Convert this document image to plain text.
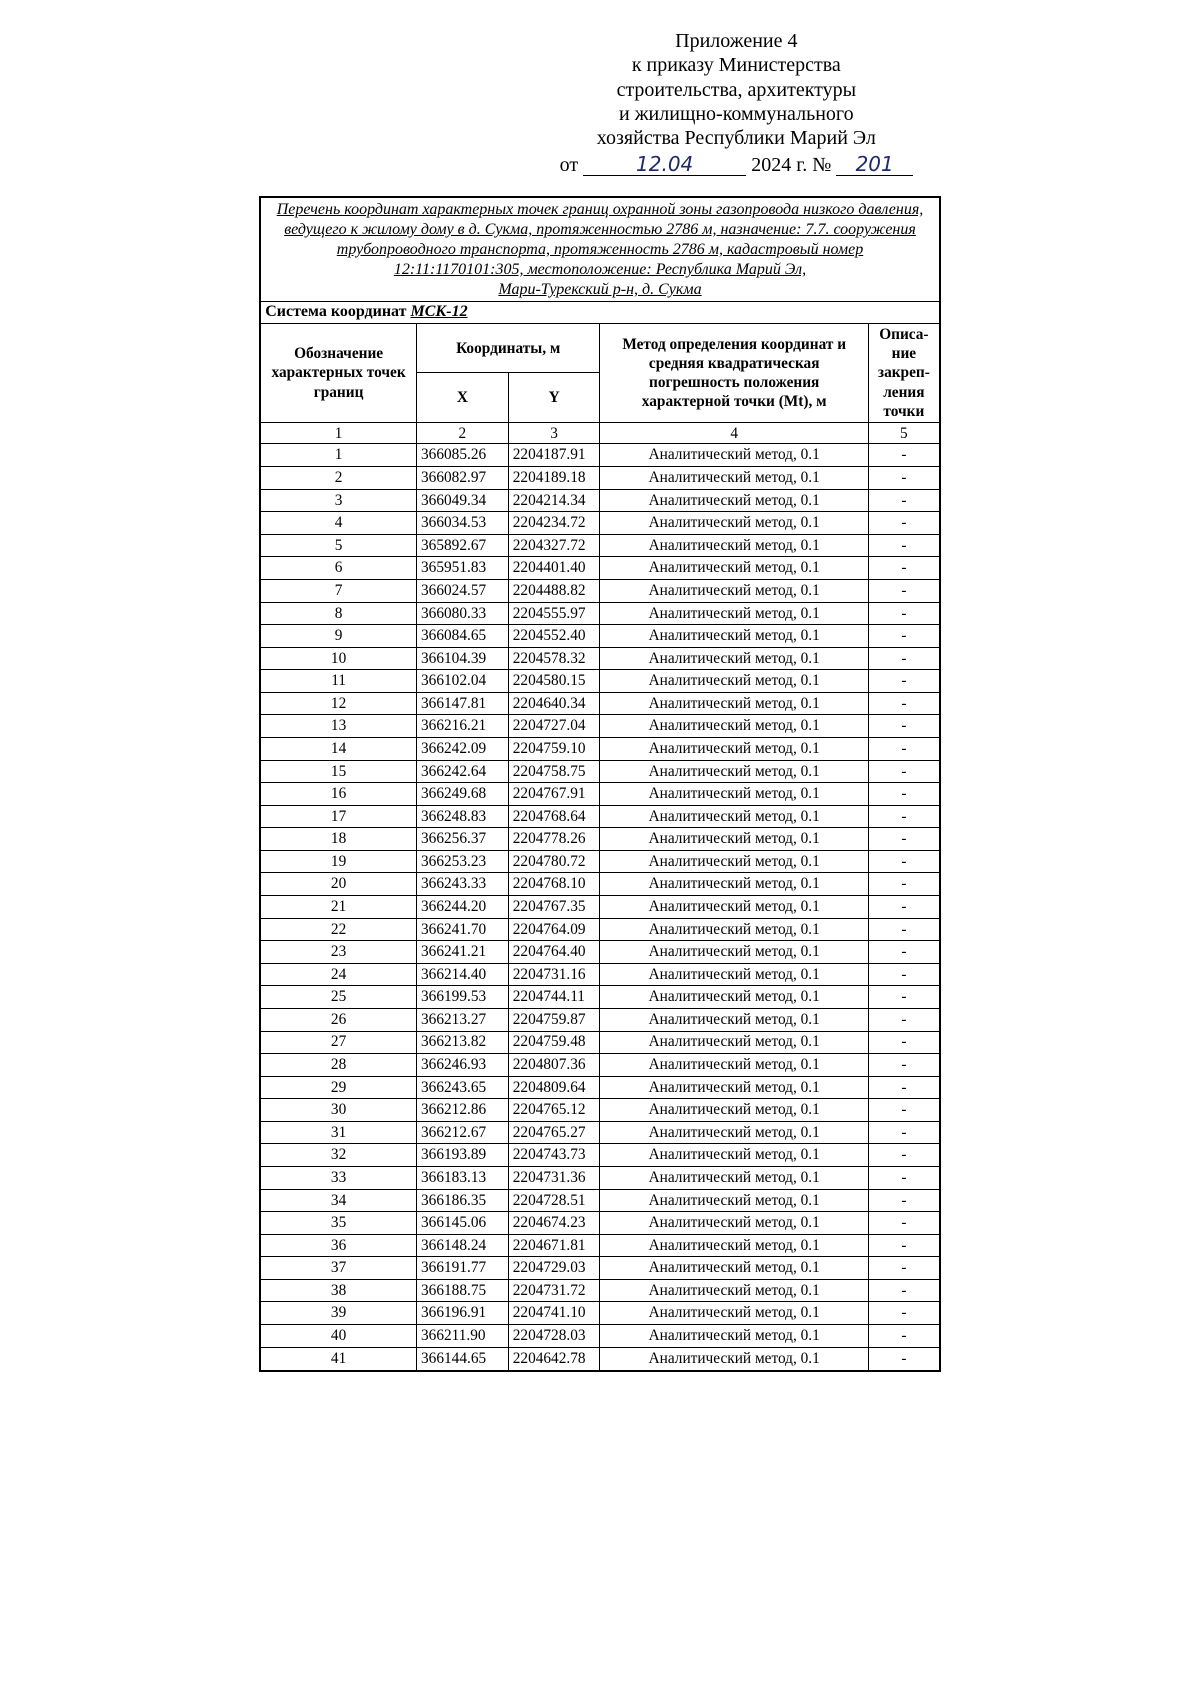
Приложение 4
к приказу Министерства
строительства, архитектуры
и жилищно-коммунального
хозяйства Республики Марий Эл
от	12.04	2024 г. № 201
Перечень координат характерных точек границ охранной зоны газопровода низкого давления,
ведущего к жилому дому в д. Сукма, протяженностью 2786 м, назначение: 7.7. сооружения
трубопроводного транспорта, протяженность 2786 м, кадастровый номер
12:11:1170101:305, местоположение: Республика Марий Эл,
Мари-Турекский р-н, д. Сукма				

Система координат МСК-12				
Обозначение характерных точек границ	Координаты, м		Метод определения координат и средняя квадратическая погрешность положения характерной точки (Mt), м	Описа-ние закреп-ления точки
	X	Y		
1	2	3	4	5
1	366085.26	2204187.91	Аналитический метод, 0.1	-
2	366082.97	2204189.18	Аналитический метод, 0.1	-
3	366049.34	2204214.34	Аналитический метод, 0.1	-
4	366034.53	2204234.72	Аналитический метод, 0.1	-
5	365892.67	2204327.72	Аналитический метод, 0.1	-
6	365951.83	2204401.40	Аналитический метод, 0.1	-
7	366024.57	2204488.82	Аналитический метод, 0.1	-
8	366080.33	2204555.97	Аналитический метод, 0.1	-
9	366084.65	2204552.40	Аналитический метод, 0.1	-
10	366104.39	2204578.32	Аналитический метод, 0.1	-
11	366102.04	2204580.15	Аналитический метод, 0.1	-
12	366147.81	2204640.34	Аналитический метод, 0.1	-
13	366216.21	2204727.04	Аналитический метод, 0.1	-
14	366242.09	2204759.10	Аналитический метод, 0.1	-
15	366242.64	2204758.75	Аналитический метод, 0.1	-
16	366249.68	2204767.91	Аналитический метод, 0.1	-
17	366248.83	2204768.64	Аналитический метод, 0.1	-
18	366256.37	2204778.26	Аналитический метод, 0.1	-
19	366253.23	2204780.72	Аналитический метод, 0.1	-
20	366243.33	2204768.10	Аналитический метод, 0.1	-
21	366244.20	2204767.35	Аналитический метод, 0.1	-
22	366241.70	2204764.09	Аналитический метод, 0.1	-
23	366241.21	2204764.40	Аналитический метод, 0.1	-
24	366214.40	2204731.16	Аналитический метод, 0.1	-
25	366199.53	2204744.11	Аналитический метод, 0.1	-
26	366213.27	2204759.87	Аналитический метод, 0.1	-
27	366213.82	2204759.48	Аналитический метод, 0.1	-
28	366246.93	2204807.36	Аналитический метод, 0.1	-
29	366243.65	2204809.64	Аналитический метод, 0.1	-
30	366212.86	2204765.12	Аналитический метод, 0.1	-
31	366212.67	2204765.27	Аналитический метод, 0.1	-
32	366193.89	2204743.73	Аналитический метод, 0.1	-
33	366183.13	2204731.36	Аналитический метод, 0.1	-
34	366186.35	2204728.51	Аналитический метод, 0.1	-
35	366145.06	2204674.23	Аналитический метод, 0.1	-
36	366148.24	2204671.81	Аналитический метод, 0.1	-
37	366191.77	2204729.03	Аналитический метод, 0.1	-
38	366188.75	2204731.72	Аналитический метод, 0.1	-
39	366196.91	2204741.10	Аналитический метод, 0.1	-
40	366211.90	2204728.03	Аналитический метод, 0.1	-
41	366144.65	2204642.78	Аналитический метод, 0.1	-
